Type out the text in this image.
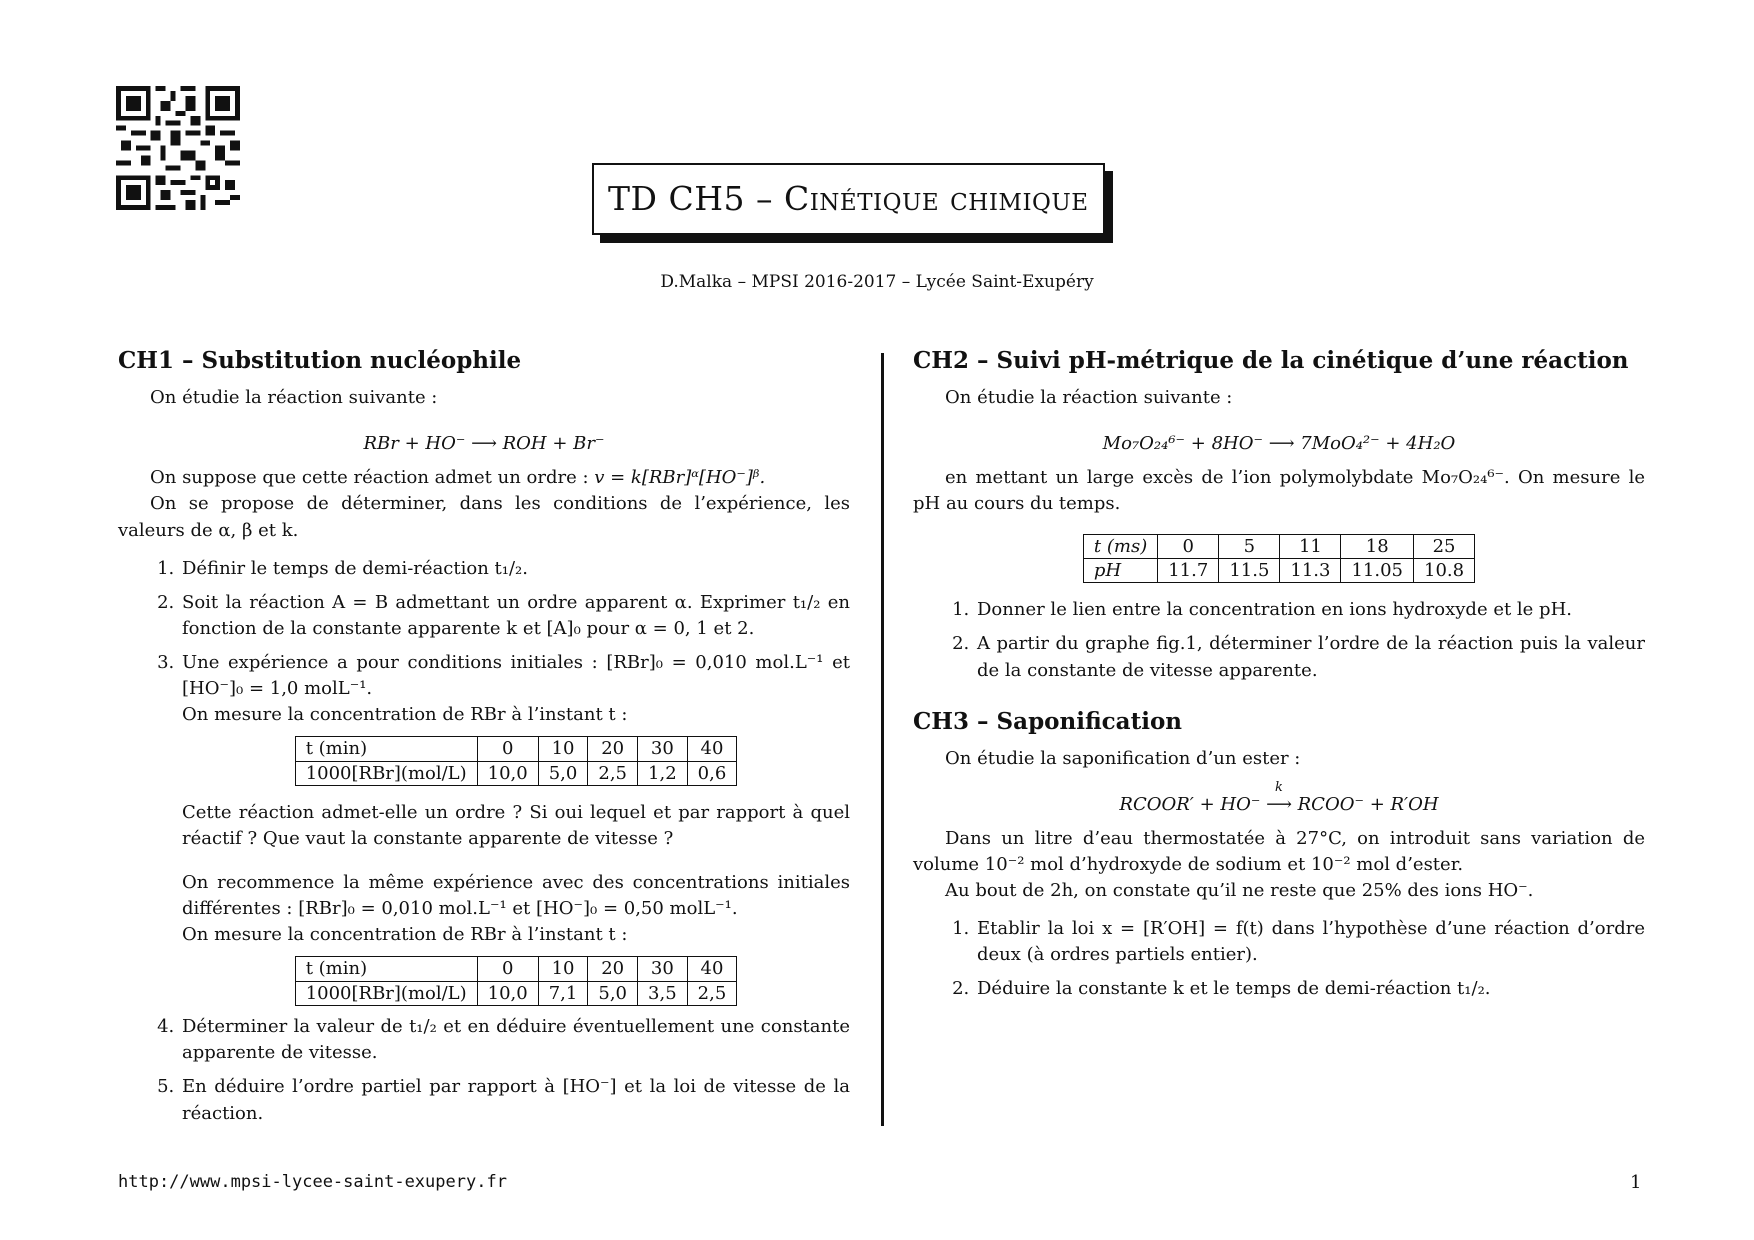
TD CH5 – Cinétique chimique
D.Malka – MPSI 2016-2017 – Lycée Saint-Exupéry
CH1 – Substitution nucléophile

On étudie la réaction suivante :

RBr + HO⁻ ⟶ ROH + Br⁻

On suppose que cette réaction admet un ordre : v = k[RBr]ᵅ[HO⁻]ᵝ.

On se propose de déterminer, dans les conditions de l’expérience, les valeurs de α, β et k.

1. Définir le temps de demi-réaction t₁/₂.
2. Soit la réaction A = B admettant un ordre apparent α. Exprimer t₁/₂ en fonction de la constante apparente k et [A]₀ pour α = 0, 1 et 2.

3. Une expérience a pour conditions initiales : [RBr]₀ = 0,010 mol.L⁻¹ et [HO⁻]₀ = 1,0 molL⁻¹.

On mesure la concentration de RBr à l’instant t :

t (min)	0	10	20	30	40
1000[RBr](mol/L)	10,0	5,0	2,5	1,2	0,6

Cette réaction admet-elle un ordre ? Si oui lequel et par rapport à quel réactif ? Que vaut la constante apparente de vitesse ?

On recommence la même expérience avec des concentrations initiales différentes : [RBr]₀ = 0,010 mol.L⁻¹ et [HO⁻]₀ = 0,50 molL⁻¹.

On mesure la concentration de RBr à l’instant t :

t (min)	0	10	20	30	40
1000[RBr](mol/L)	10,0	7,1	5,0	3,5	2,5
4. Déterminer la valeur de t₁/₂ et en déduire éventuellement une constante apparente de vitesse.
5. En déduire l’ordre partiel par rapport à [HO⁻] et la loi de vitesse de la réaction.
CH2 – Suivi pH-métrique de la cinétique d’une réaction

On étudie la réaction suivante :

Mo₇O₂₄⁶⁻ + 8HO⁻ ⟶ 7MoO₄²⁻ + 4H₂O

en mettant un large excès de l’ion polymolybdate Mo₇O₂₄⁶⁻. On mesure le pH au cours du temps.

t (ms)	0	5	11	18	25
pH	11.7	11.5	11.3	11.05	10.8
1. Donner le lien entre la concentration en ions hydroxyde et le pH.
2. A partir du graphe fig.1, déterminer l’ordre de la réaction puis la valeur de la constante de vitesse apparente.
CH3 – Saponification

On étudie la saponification d’un ester :

RCOOR′ + HO⁻
k
⟶ RCOO⁻ + R′OH

Dans un litre d’eau thermostatée à 27°C, on introduit sans variation de volume 10⁻² mol d’hydroxyde de sodium et 10⁻² mol d’ester.

Au bout de 2h, on constate qu’il ne reste que 25% des ions HO⁻.

1. Etablir la loi x = [R′OH] = f(t) dans l’hypothèse d’une réaction d’ordre deux (à ordres partiels entier).
2. Déduire la constante k et le temps de demi-réaction t₁/₂.
http://www.mpsi-lycee-saint-exupery.fr	1
